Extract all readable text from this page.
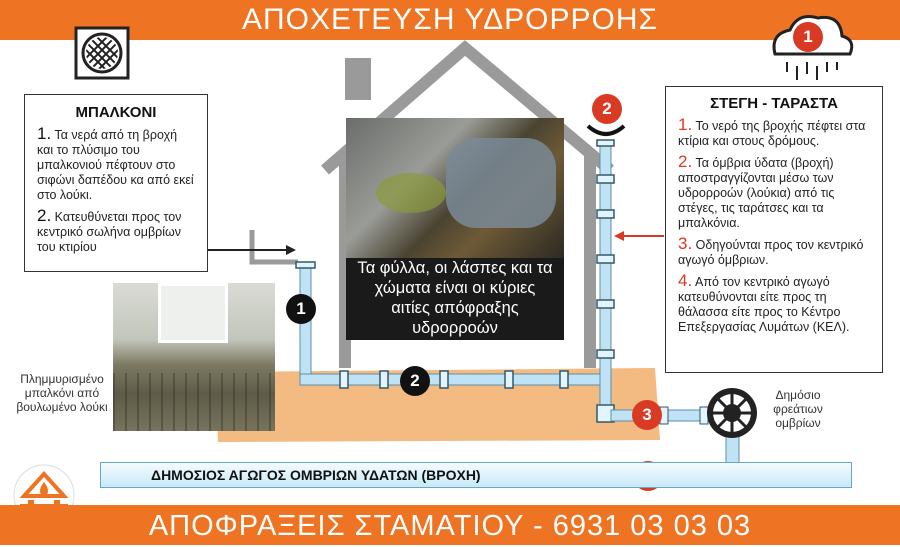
ΑΠΟΧΕΤΕΥΣΗ ΥΔΡΟΡΡΟΗΣ
Πλημμυρισμένο μπαλκόνι από βουλωμένο λούκι
ΜΠΑΛΚΟΝΙ
1. Τα νερά από τη βροχή και το πλύσιμο του μπαλκονιού πέφτουν στο σιφώνι δαπέδου κα από εκεί στο λούκι.
2. Κατευθύνεται προς τον κεντρικό σωλήνα ομβρίων του κτιρίου
Τα φύλλα, οι λάσπες και τα χώματα είναι οι κύριες αιτίες απόφραξης υδρορροών
ΣΤΕΓΗ - ΤΑΡΑΣΤΑ
1. Το νερό της βροχής πέφτει στα κτίρια και στους δρόμους.
2. Τα όμβρια ύδατα (βροχή) αποστραγγίζονται μέσω των υδρορροών (λούκια) από τις στέγες, τις ταράτσες και τα μπαλκόνια.
3. Οδηγούνται προς τον κεντρικό αγωγό όμβριων.
4. Από τον κεντρικό αγωγό κατευθύνονται είτε προς τη θάλασσα είτε προς το Κέντρο Επεξεργασίας Λυμάτων (ΚΕΛ).
1
2
1
2
3
Δημόσιο φρεάτιων ομβρίων
ΔΗΜΟΣΙΟΣ ΑΓΩΓΟΣ ΟΜΒΡΙΩΝ ΥΔΑΤΩΝ (ΒΡΟΧΗ)
ΑΠΟΦΡΑΞΕΙΣ ΣΤΑΜΑΤΙΟΥ - 6931 03 03 03
